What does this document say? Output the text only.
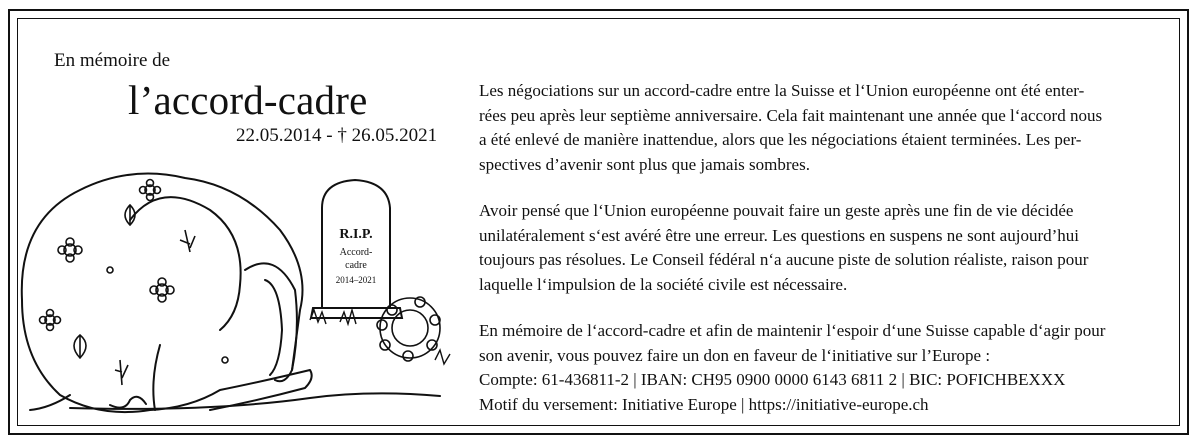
En mémoire de

l’accord-cadre

22.05.2014 - † 26.05.2021

R.I.P.
Accord-
cadre
2014–2021

Les négociations sur un accord-cadre entre la Suisse et l‘Union européenne ont été enter-
rées peu après leur septième anniversaire. Cela fait maintenant une année que l‘accord nous
a été enlevé de manière inattendue, alors que les négociations étaient terminées. Les per-
spectives d’avenir sont plus que jamais sombres.

Avoir pensé que l‘Union européenne pouvait faire un geste après une fin de vie décidée
unilatéralement s‘est avéré être une erreur. Les questions en suspens ne sont aujourd’hui
toujours pas résolues. Le Conseil fédéral n‘a aucune piste de solution réaliste, raison pour
laquelle l‘impulsion de la société civile est nécessaire.

En mémoire de l‘accord-cadre et afin de maintenir l‘espoir d‘une Suisse capable d‘agir pour
son avenir, vous pouvez faire un don en faveur de l‘initiative sur l’Europe :
Compte: 61-436811-2 | IBAN: CH95 0900 0000 6143 6811 2 | BIC: POFICHBEXXX
Motif du versement: Initiative Europe | https://initiative-europe.ch
